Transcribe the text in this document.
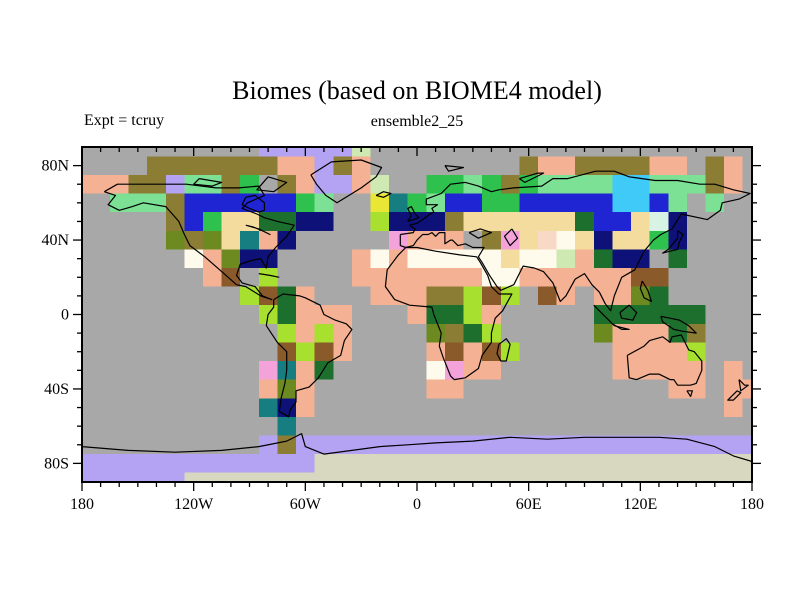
Biomes (based on BIOME4 model)
Expt = tcruy	ensemble2_25
180	120W	60W	0	60E	120E	180
80N
40N
0
40S
80S
